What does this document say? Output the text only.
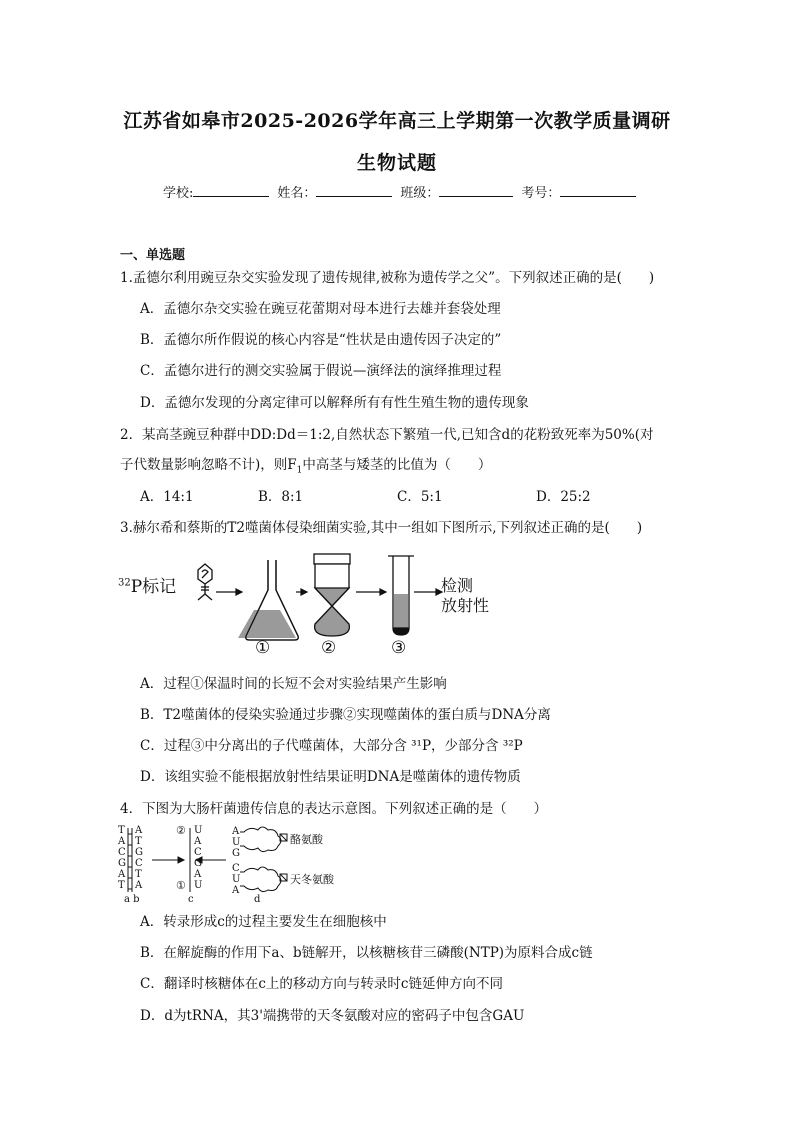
江苏省如皋市2025-2026学年高三上学期第一次教学质量调研
生物试题
学校:	姓名：	班级：	考号：
一、单选题
1.孟德尔利用豌豆杂交实验发现了遗传规律,被称为遗传学之父”。下列叙述正确的是(　　)
A．孟德尔杂交实验在豌豆花蕾期对母本进行去雄并套袋处理
B．孟德尔所作假说的核心内容是“性状是由遗传因子决定的”
C．孟德尔进行的测交实验属于假说—演绎法的演绎推理过程
D．孟德尔发现的分离定律可以解释所有有性生殖生物的遗传现象
2．某高茎豌豆种群中DD:Dd＝1:2,自然状态下繁殖一代,已知含d的花粉致死率为50%(对
子代数量影响忽略不计)，则$F_1$中高茎与矮茎的比值为（　　）
A．14:1	B．8:1	C．5:1	D．25:2
3.赫尔希和蔡斯的T2噬菌体侵染细菌实验,其中一组如下图所示,下列叙述正确的是(　　)
$^{32}$P标记	检测
放射性
①	②	③
A．过程①保温时间的长短不会对实验结果产生影响
B．T2噬菌体的侵染实验通过步骤②实现噬菌体的蛋白质与DNA分离
C．过程③中分离出的子代噬菌体，大部分含 ³¹P，少部分含 ³²P
D．该组实验不能根据放射性结果证明DNA是噬菌体的遗传物质
4．下图为大肠杆菌遗传信息的表达示意图。下列叙述正确的是（　　）
T
A
C
G
A
T
A
T
G
C
T
A
U
A
C
G
A
U
②
①
A
U
G
C
U
A
酪氨酸
天冬氨酸
a b	c	d
A．转录形成c的过程主要发生在细胞核中
B．在解旋酶的作用下a、b链解开，以核糖核苷三磷酸(NTP)为原料合成c链
C．翻译时核糖体在c上的移动方向与转录时c链延伸方向不同
D．d为tRNA，其3'端携带的天冬氨酸对应的密码子中包含GAU
